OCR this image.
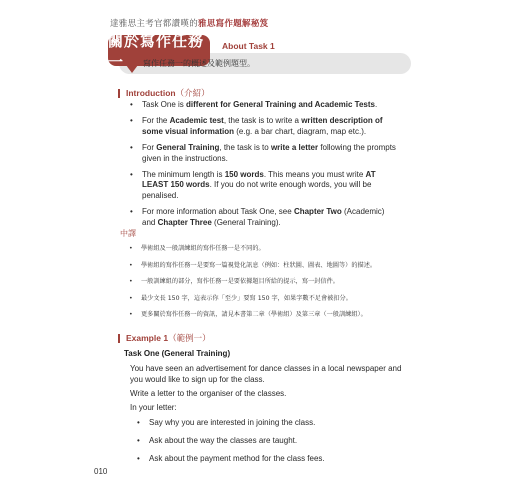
達雅思主考官都讚嘆的雅思寫作題解秘笈
關於寫作任務一
About Task 1
寫作任務一的概述及範例題型。
Introduction （介紹）
• Task One is different for General Training and Academic Tests.
• For the Academic test, the task is to write a written description of some visual information (e.g. a bar chart, diagram, map etc.).
• For General Training, the task is to write a letter following the prompts given in the instructions.
• The minimum length is 150 words. This means you must write AT LEAST 150 words. If you do not write enough words, you will be penalised.
• For more information about Task One, see Chapter Two (Academic) and Chapter Three (General Training).
中譯
• 學術組及一般訓練組的寫作任務一是不同的。
• 學術組的寫作任務一是要寫一篇視覺化訊息（例如：柱狀圖、圖表、地圖等）的描述。
• 一般訓練組的部分，寫作任務一是要依據題目所給的提示，寫一封信件。
• 最少文長 150 字，這表示你「至少」要寫 150 字，如果字數不足會被扣分。
• 更多關於寫作任務一的資訊，請見本書第二章（學術組）及第三章（一般訓練組）。
Example 1 （範例一）
Task One (General Training)
You have seen an advertisement for dance classes in a local newspaper and you would like to sign up for the class.
Write a letter to the organiser of the classes.
In your letter:
• Say why you are interested in joining the class.
• Ask about the way the classes are taught.
• Ask about the payment method for the class fees.
010
